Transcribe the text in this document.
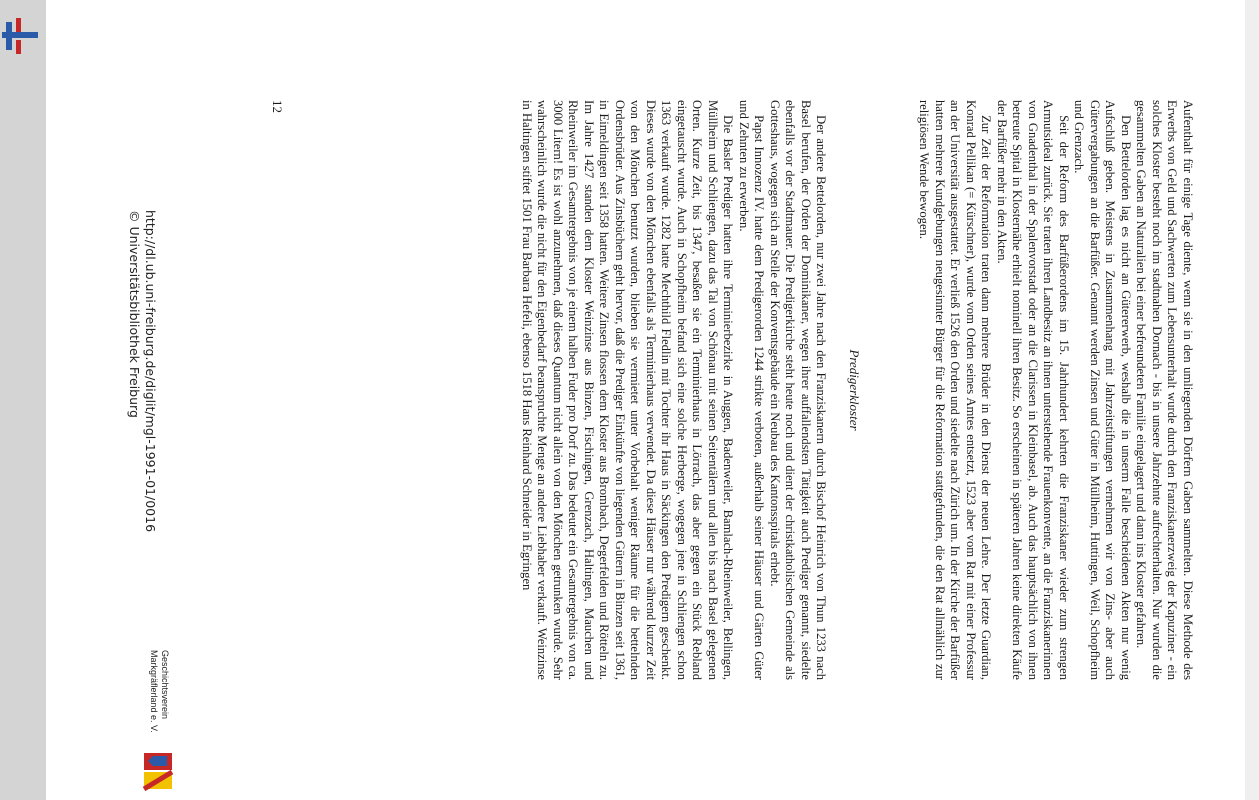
Aufenthalt für einige Tage diente, wenn sie in den umliegenden Dörfern Gaben sammelten. Diese Methode des Erwerbs von Geld und Sachwerten zum Lebensunterhalt wurde durch den Franziskanerzweig der Kapuziner - ein solches Kloster besteht noch im stadtnahen Dornach - bis in unsere Jahrzehnte aufrechterhalten. Nur wurden die gesammelten Gaben an Naturalien bei einer befreundeten Familie eingelagert und dann ins Kloster gefahren.

Den Bettelorden lag es nicht an Gütererwerb, weshalb die in unserm Falle bescheidenen Akten nur wenig Aufschluß geben. Meistens in Zusammenhang mit Jahrzeitstiftungen vernehmen wir von Zins- aber auch Gütervergabungen an die Barfüßer. Genannt werden Zinsen und Güter in Müllheim, Huttingen, Weil, Schopfheim und Grenzach.

Seit der Reform des Barfüßerordens im 15. Jahrhundert kehrten die Franziskaner wieder zum strengen Armutsideal zurück. Sie traten ihren Landbesitz an ihnen unterstehende Frauenkonvente, an die Franziskanerinnen von Gnadenthal in der Spalenvorstadt oder an die Clarissen in Kleinbasel, ab. Auch das hauptsächlich von ihnen betreute Spital in Klosternähe erhielt nominell ihren Besitz. So erscheinen in späteren Jahren keine direkten Käufe der Barfüßer mehr in den Akten.

Zur Zeit der Reformation traten dann mehrere Brüder in den Dienst der neuen Lehre. Der letzte Guardian, Konrad Pellikan (= Kürschner), wurde vom Orden seines Amtes entsetzt, 1523 aber vom Rat mit einer Professur an der Universität ausgestattet. Er verließ 1526 den Orden und siedelte nach Zürich um. In der Kirche der Barfüßer hatten mehrere Kundgebungen neugesinnter Bürger für die Reformation stattgefunden, die den Rat allmählich zur religiösen Wende bewogen.

Predigerkloster

Der andere Bettelorden, nur zwei Jahre nach den Franziskanern durch Bischof Heinrich von Thun 1233 nach Basel berufen, der Orden der Dominikaner, wegen ihrer auffallendsten Tätigkeit auch Prediger genannt, siedelte ebenfalls vor der Stadtmauer. Die Predigerkirche steht heute noch und dient der christkatholischen Gemeinde als Gotteshaus, wogegen sich an Stelle der Konventsgebäude ein Neubau des Kantonsspitals erhebt.

Papst Innozenz IV. hatte dem Predigerorden 1244 strikte verboten, außerhalb seiner Häuser und Gärten Güter und Zehnten zu erwerben.

Die Basler Prediger hatten ihre Terminierbezirke in Auggen, Badenweiler, Bamlach-Rheinweiler, Bellingen, Müllheim und Schliengen, dazu das Tal von Schönau mit seinen Seitentälern und allen bis nach Basel gelegenen Orten. Kurze Zeit, bis 1347, besaßen sie ein Terminierhaus in Lörrach, das aber gegen ein Stück Rebland eingetauscht wurde. Auch in Schopfheim befand sich eine solche Herberge, wogegen jene in Schliengen schon 1363 verkauft wurde. 1282 hatte Mechthild Fledlin mit Tochter ihr Haus in Säckingen den Predigern geschenkt. Dieses wurde von den Mönchen ebenfalls als Terminierhaus verwendet. Da diese Häuser nur während kurzer Zeit von den Mönchen benutzt wurden, blieben sie vermietet unter Vorbehalt weniger Räume für die bettelnden Ordensbrüder. Aus Zinsbüchern geht hervor, daß die Prediger Einkünfte von liegenden Gütern in Binzen seit 1361, in Eimeldingen seit 1358 hatten. Weitere Zinsen flossen dem Kloster aus Brombach, Degerfelden und Rötteln zu. Im Jahre 1427 standen dem Kloster Weinzinse aus Binzen, Fischingen, Grenzach, Haltingen, Mauchen und Rheinweiler im Gesamtergebnis von je einem halben Fuder pro Dorf zu. Das bedeutet ein Gesamtergebnis von ca. 3000 Litern! Es ist wohl anzunehmen, daß dieses Quantum nicht allein von den Mönchen getrunken wurde. Sehr wahrscheinlich wurde die nicht für den Eigenbedarf beanspruchte Menge an andere Liebhaber verkauft. Weinzinse in Haltingen stiftet 1501 Frau Barbara Hefeli, ebenso 1518 Hans Reinhard Schneider in Egringen

12
http://dl.ub.uni-freiburg.de/diglit/mgl-1991-01/0016
© Universitätsbibliothek Freiburg
Geschichtsverein
Markgräflerland e. V.
